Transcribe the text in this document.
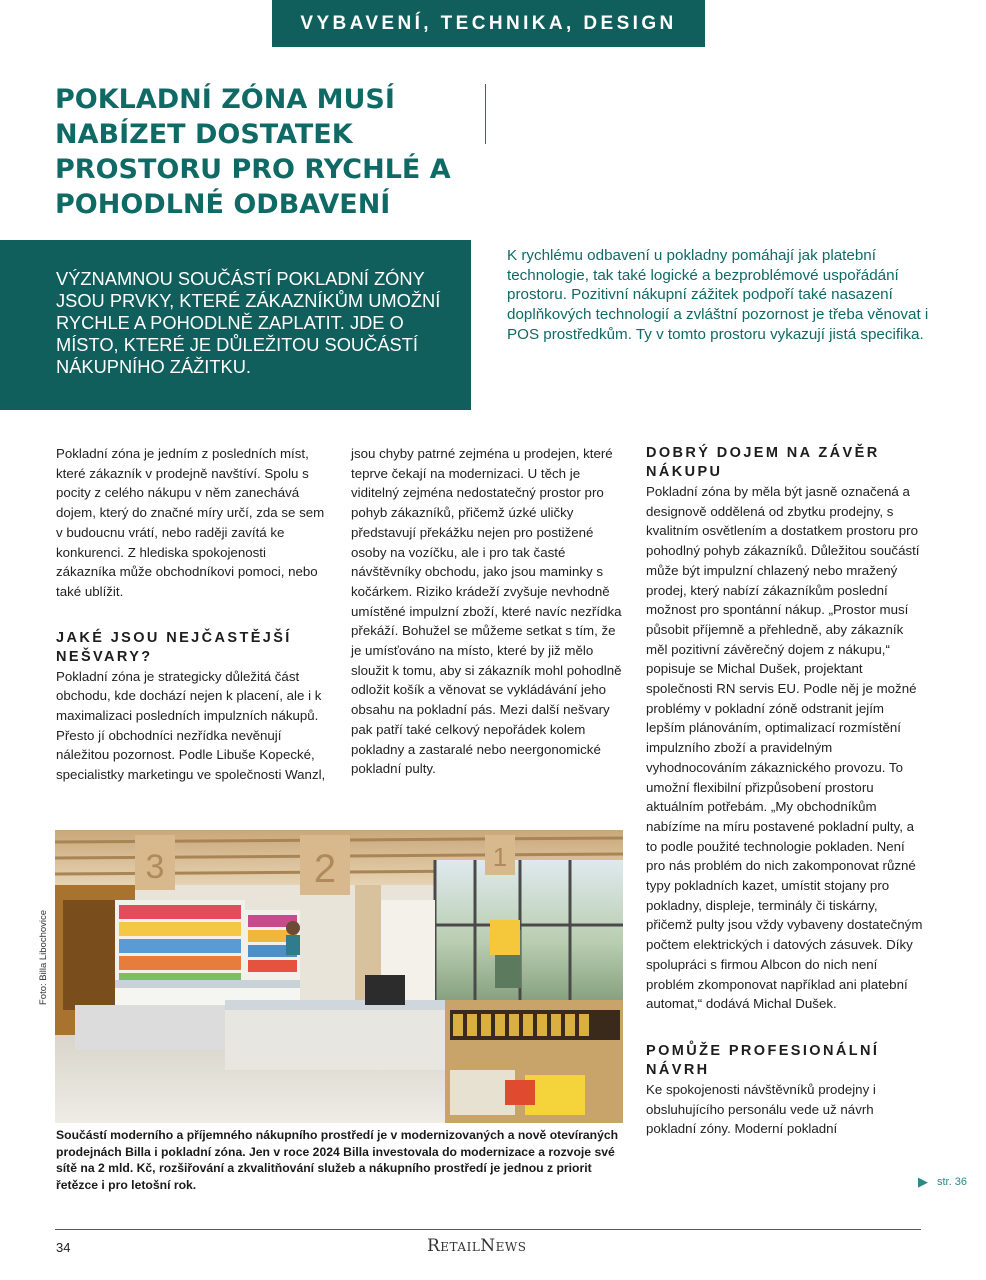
VYBAVENÍ, TECHNIKA, DESIGN
POKLADNÍ ZÓNA MUSÍ NABÍZET DOSTATEK PROSTORU PRO RYCHLÉ A POHODLNÉ ODBAVENÍ

VÝZNAMNOU SOUČÁSTÍ POKLADNÍ ZÓNY JSOU PRVKY, KTERÉ ZÁKAZNÍKŮM UMOŽNÍ RYCHLE A POHODLNĚ ZAPLATIT. JDE O MÍSTO, KTERÉ JE DŮLEŽITOU SOUČÁSTÍ NÁKUPNÍHO ZÁŽITKU.

K rychlému odbavení u pokladny pomáhají jak platební technologie, tak také logické a bezproblémové uspořádání prostoru. Pozitivní nákupní zážitek podpoří také nasazení doplňkových technologií a zvláštní pozornost je třeba věnovat i POS prostředkům. Ty v tomto prostoru vykazují jistá specifika.

Pokladní zóna je jedním z posledních míst, které zákazník v prodejně navštíví. Spolu s pocity z celého nákupu v něm zanechává dojem, který do značné míry určí, zda se sem v budoucnu vrátí, nebo raději zavítá ke konkurenci. Z hlediska spokojenosti zákazníka může obchodníkovi pomoci, nebo také ublížit.

JAKÉ JSOU NEJČASTĚJŠÍ NEŠVARY?

Pokladní zóna je strategicky důležitá část obchodu, kde dochází nejen k placení, ale i k maximalizaci posledních impulzních nákupů. Přesto jí obchodníci nezřídka nevěnují náležitou pozornost. Podle Libuše Kopecké, specialistky marketingu ve společnosti Wanzl,

jsou chyby patrné zejména u prodejen, které teprve čekají na modernizaci. U těch je viditelný zejména nedostatečný prostor pro pohyb zákazníků, přičemž úzké uličky představují překážku nejen pro postižené osoby na vozíčku, ale i pro tak časté návštěvníky obchodu, jako jsou maminky s kočárkem. Riziko krádeží zvyšuje nevhodně umístěné impulzní zboží, které navíc nezřídka překáží. Bohužel se můžeme setkat s tím, že je umísťováno na místo, které by již mělo sloužit k tomu, aby si zákazník mohl pohodlně odložit košík a věnovat se vykládávání jeho obsahu na pokladní pás. Mezi další nešvary pak patří také celkový nepořádek kolem pokladny a zastaralé nebo neergonomické pokladní pulty.

DOBRÝ DOJEM NA ZÁVĚR NÁKUPU

Pokladní zóna by měla být jasně označená a designově oddělená od zbytku prodejny, s kvalitním osvětlením a dostatkem prostoru pro pohodlný pohyb zákazníků. Důležitou součástí může být impulzní chlazený nebo mražený prodej, který nabízí zákazníkům poslední možnost pro spontánní nákup. „Prostor musí působit příjemně a přehledně, aby zákazník měl pozitivní závěrečný dojem z nákupu,“ popisuje se Michal Dušek, projektant společnosti RN servis EU. Podle něj je možné problémy v pokladní zóně odstranit jejím lepším plánováním, optimalizací rozmístění impulzního zboží a pravidelným vyhodnocováním zákaznického provozu. To umožní flexibilní přizpůsobení prostoru aktuálním potřebám. „My obchodníkům nabízíme na míru postavené pokladní pulty, a to podle použité technologie pokladen. Není pro nás problém do nich zakomponovat různé typy pokladních kazet, umístit stojany pro pokladny, displeje, terminály či tiskárny, přičemž pulty jsou vždy vybaveny dostatečným počtem elektrických i datových zásuvek. Díky spolupráci s firmou Albcon do nich není problém zkomponovat například ani platební automat,“ dodává Michal Dušek.

POMŮŽE PROFESIONÁLNÍ NÁVRH

Ke spokojenosti návštěvníků prodejny i obsluhujícího personálu vede už návrh pokladní zóny. Moderní pokladní

3	2	1
Foto: Billa Libochovice

Součástí moderního a příjemného nákupního prostředí je v modernizovaných a nově otevíraných prodejnách Billa i pokladní zóna. Jen v roce 2024 Billa investovala do modernizace a rozvoje své sítě na 2 mld. Kč, rozšiřování a zkvalitňování služeb a nákupního prostředí je jednou z priorit řetězce i pro letošní rok.	▶ str. 36
34	RetailNews
